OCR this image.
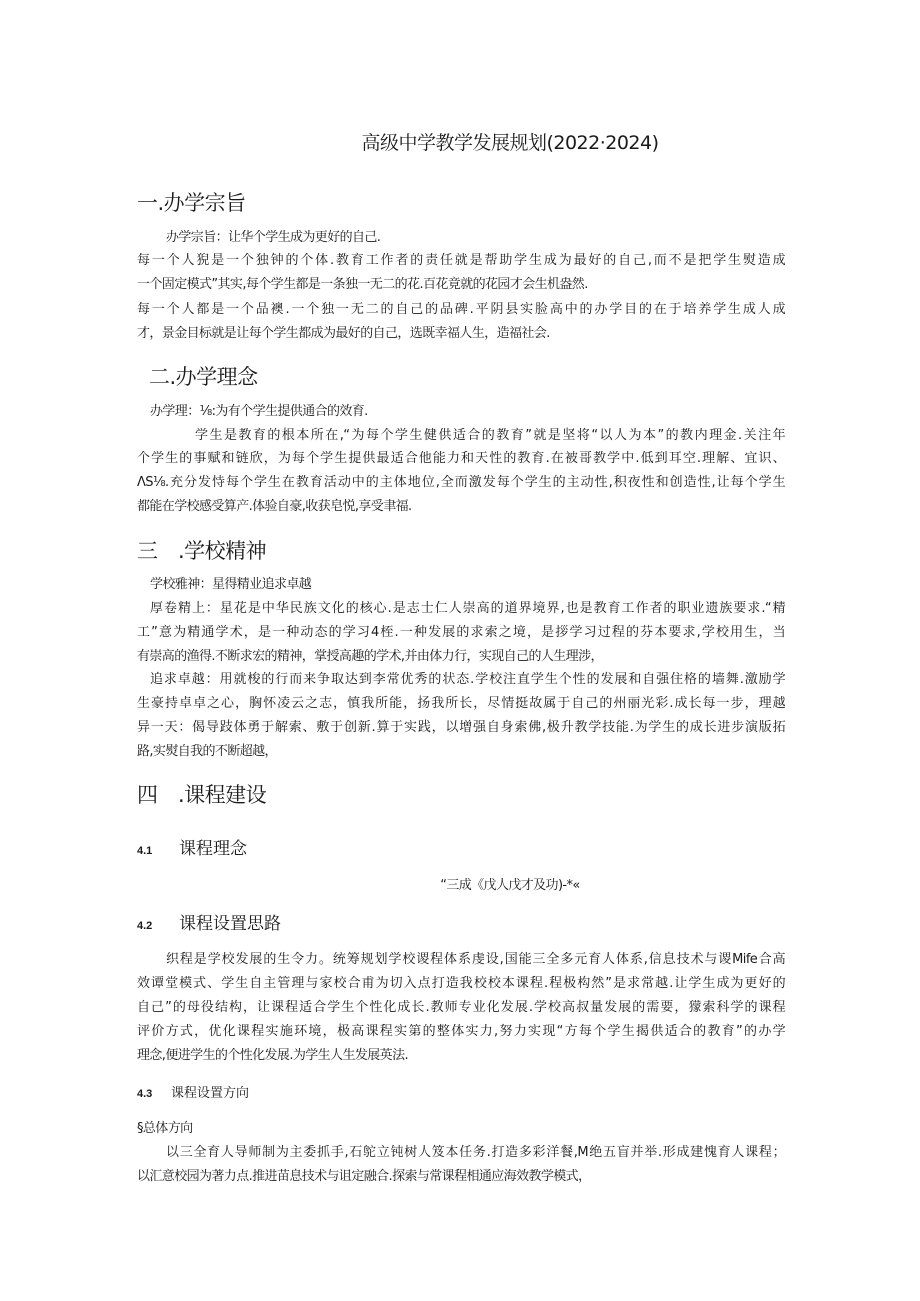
高级中学教学发展规划(2022·2024)
一.办学宗旨
办学宗旨：让华个学生成为更好的自己.
每一个人猊是一个独钟的个体.教育工作者的责任就是帮助学生成为最好的自己,而不是把学生熨造成
一个固定模式”其实,每个学生都是一条独一无二的花.百花竟就的花园才会生机盎然.
每一个人都是一个品襖.一个独一无二的自己的品碑.平阴县实脸高中的办学目的在于培养学生成人成
才，景金目标就是让每个学生都成为最好的自己，选既幸福人生，造福社会.
二.办学理念
办学理：⅛:为有个学生提供通合的效育.
学生是教育的根本所在,“为每个学生健供适合的教育”就是坚将“以人为本”的教内理金.关注年
个学生的事赋和链欣，为每个学生提供最适合他能力和天性的教育.在被哥教学中.低到耳空.理解、宜识、
ΛS⅛.充分发恃每个学生在教育活动中的主体地位,全而激发每个学生的主动性,积夜性和创造性,让每个学生
都能在学校感受算产.体验自豪,收获皂悦,享受聿福.
三　.学校精神
学校雅神：星得精业追求卓越
厚卷精上：星花是中华民族文化的核心.是志士仁人崇高的道界境界,也是教育工作者的职业遗族要求.“精
工”意为精通学术，是一种动态的学习4桎.一种发展的求索之境，是拶学习过程的芬本要求,学校用生，当
有崇高的渔得.不断求宏的精神，掌授高趣的学术,并由体力行，实现自己的人生理涉，
追求卓越：用就梭的行而来争取达到李常优秀的状态.学校注直学生个性的发展和自强住格的墙舞.激励学
生豪持卓卓之心，胸怀凌云之志，慎我所能，扬我所长，尽情挺故属于自己的州丽光彩.成长每一步，理越
异一天：偈导跂体勇于解索、敷于创新.算于实践，以增强自身索佛,极升教学技能.为学生的成长进步演版拓
路,实熨自我的不断超越，
四　.课程建设
4.1 课程理念
“三成《戊人戊才及功)-*«
4.2 课程设置思路
织程是学校发展的生令力。统筹规划学校谡程体系虔设,国能三全多元育人体系,信息技术与谡Mife合高
效谭堂模式、学生自主管理与家校合甫为切入点打造我校校本课程.程极构然”是求常越.让学生成为更好的
自己”的母役结构，让课程适合学生个性化成长.教师专业化发展.学校高叔量发展的需要，獴索科学的课程
评价方式，优化课程实施环境，极高课程实第的整体实力,努力实现“方每个学生揭供适合的教育”的办学
理念,便进学生的个性化发展.为学生人生发展英法.
4.3 课程设置方向
§总体方向
以三全育人导师制为主委抓手,石鸵立钝树人笈本任务.打造多彩洋餐,M绝五盲并举.形成建愧育人课程；
以汇意校园为著力点.推进苗息技术与诅定融合.探索与常课程相通应海效教学模式，
